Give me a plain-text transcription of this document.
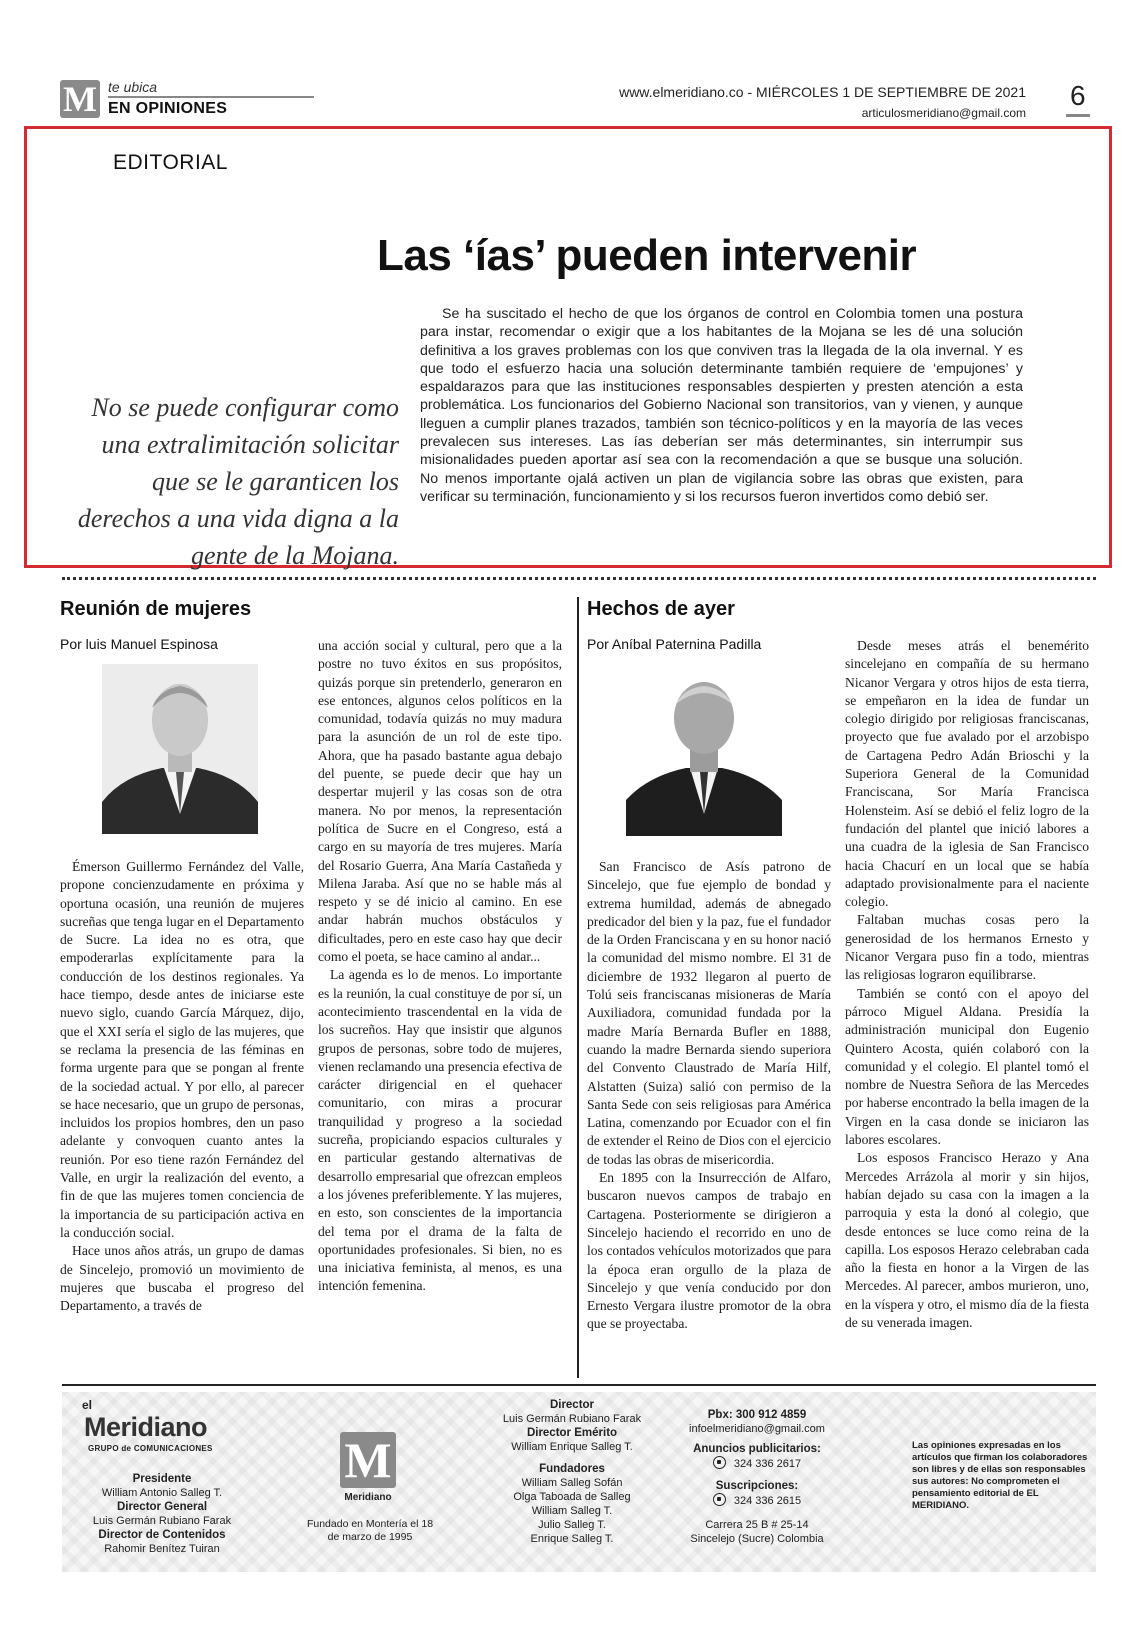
M te ubica
EN OPINIONES
www.elmeridiano.co - MIÉRCOLES 1 DE SEPTIEMBRE DE 2021
articulosmeridiano@gmail.com
6
EDITORIAL
Las ‘ías’ pueden intervenir
No se puede configurar como una extralimitación solicitar que se le garanticen los derechos a una vida digna a la gente de la Mojana.

Se ha suscitado el hecho de que los órganos de control en Colombia tomen una postura para instar, recomendar o exigir que a los habitantes de la Mojana se les dé una solución definitiva a los graves problemas con los que conviven tras la llegada de la ola invernal. Y es que todo el esfuerzo hacia una solución determinante también requiere de ‘empujones’ y espaldarazos para que las instituciones responsables despierten y presten atención a esta problemática. Los funcionarios del Gobierno Nacional son transitorios, van y vienen, y aunque lleguen a cumplir planes trazados, también son técnico-políticos y en la mayoría de las veces prevalecen sus intereses. Las ías deberían ser más determinantes, sin interrumpir sus misionalidades pueden aportar así sea con la recomendación a que se busque una solución. No menos importante ojalá activen un plan de vigilancia sobre las obras que existen, para verificar su terminación, funcionamiento y si los recursos fueron invertidos como debió ser.

Reunión de mujeres
Por luis Manuel Espinosa

Émerson Guillermo Fernández del Valle, propone concienzudamente en próxima y oportuna ocasión, una reunión de mujeres sucreñas que tenga lugar en el Departamento de Sucre. La idea no es otra, que empoderarlas explícitamente para la conducción de los destinos regionales. Ya hace tiempo, desde antes de iniciarse este nuevo siglo, cuando García Márquez, dijo, que el XXI sería el siglo de las mujeres, que se reclama la presencia de las féminas en forma urgente para que se pongan al frente de la sociedad actual. Y por ello, al parecer se hace necesario, que un grupo de personas, incluidos los propios hombres, den un paso adelante y convoquen cuanto antes la reunión. Por eso tiene razón Fernández del Valle, en urgir la realización del evento, a fin de que las mujeres tomen conciencia de la importancia de su participación activa en la conducción social.

Hace unos años atrás, un grupo de damas de Sincelejo, promovió un movimiento de mujeres que buscaba el progreso del Departamento, a través de

una acción social y cultural, pero que a la postre no tuvo éxitos en sus propósitos, quizás porque sin pretenderlo, generaron en ese entonces, algunos celos políticos en la comunidad, todavía quizás no muy madura para la asunción de un rol de este tipo. Ahora, que ha pasado bastante agua debajo del puente, se puede decir que hay un despertar mujeril y las cosas son de otra manera. No por menos, la representación política de Sucre en el Congreso, está a cargo en su mayoría de tres mujeres. María del Rosario Guerra, Ana María Castañeda y Milena Jaraba. Así que no se hable más al respeto y se dé inicio al camino. En ese andar habrán muchos obstáculos y dificultades, pero en este caso hay que decir como el poeta, se hace camino al andar...

La agenda es lo de menos. Lo importante es la reunión, la cual constituye de por sí, un acontecimiento trascendental en la vida de los sucreños. Hay que insistir que algunos grupos de personas, sobre todo de mujeres, vienen reclamando una presencia efectiva de carácter dirigencial en el quehacer comunitario, con miras a procurar tranquilidad y progreso a la sociedad sucreña, propiciando espacios culturales y en particular gestando alternativas de desarrollo empresarial que ofrezcan empleos a los jóvenes preferiblemente. Y las mujeres, en esto, son conscientes de la importancia del tema por el drama de la falta de oportunidades profesionales. Si bien, no es una iniciativa feminista, al menos, es una intención femenina.

Hechos de ayer
Por Aníbal Paternina Padilla

San Francisco de Asís patrono de Sincelejo, que fue ejemplo de bondad y extrema humildad, además de abnegado predicador del bien y la paz, fue el fundador de la Orden Franciscana y en su honor nació la comunidad del mismo nombre. El 31 de diciembre de 1932 llegaron al puerto de Tolú seis franciscanas misioneras de María Auxiliadora, comunidad fundada por la madre María Bernarda Bufler en 1888, cuando la madre Bernarda siendo superiora del Convento Claustrado de María Hilf, Alstatten (Suiza) salió con permiso de la Santa Sede con seis religiosas para América Latina, comenzando por Ecuador con el fin de extender el Reino de Dios con el ejercicio de todas las obras de misericordia.

En 1895 con la Insurrección de Alfaro, buscaron nuevos campos de trabajo en Cartagena. Posteriormente se dirigieron a Sincelejo haciendo el recorrido en uno de los contados vehículos motorizados que para la época eran orgullo de la plaza de Sincelejo y que venía conducido por don Ernesto Vergara ilustre promotor de la obra que se proyectaba.

Desde meses atrás el benemérito sincelejano en compañía de su hermano Nicanor Vergara y otros hijos de esta tierra, se empeñaron en la idea de fundar un colegio dirigido por religiosas franciscanas, proyecto que fue avalado por el arzobispo de Cartagena Pedro Adán Brioschi y la Superiora General de la Comunidad Franciscana, Sor María Francisca Holensteim. Así se debió el feliz logro de la fundación del plantel que inició labores a una cuadra de la iglesia de San Francisco hacia Chacurí en un local que se había adaptado provisionalmente para el naciente colegio.

Faltaban muchas cosas pero la generosidad de los hermanos Ernesto y Nicanor Vergara puso fin a todo, mientras las religiosas lograron equilibrarse.

También se contó con el apoyo del párroco Miguel Aldana. Presidía la administración municipal don Eugenio Quintero Acosta, quién colaboró con la comunidad y el colegio. El plantel tomó el nombre de Nuestra Señora de las Mercedes por haberse encontrado la bella imagen de la Virgen en la casa donde se iniciaron las labores escolares.

Los esposos Francisco Herazo y Ana Mercedes Arrázola al morir y sin hijos, habían dejado su casa con la imagen a la parroquia y esta la donó al colegio, que desde entonces se luce como reina de la capilla. Los esposos Herazo celebraban cada año la fiesta en honor a la Virgen de las Mercedes. Al parecer, ambos murieron, uno, en la víspera y otro, el mismo día de la fiesta de su venerada imagen.

el
Meridiano
GRUPO de COMUNICACIONES
Presidente
William Antonio Salleg T.
Director General
Luis Germán Rubiano Farak
Director de Contenidos
Rahomir Benítez Tuiran
M
Meridiano
Fundado en Montería el 18 de marzo de 1995
Director
Luis Germán Rubiano Farak
Director Emérito
William Enrique Salleg T.
Fundadores
William Salleg Sofán
Olga Taboada de Salleg
William Salleg T.
Julio Salleg T.
Enrique Salleg T.
Pbx: 300 912 4859
infoelmeridiano@gmail.com
Anuncios publicitarios:
324 336 2617
Suscripciones:
324 336 2615
Carrera 25 B # 25-14
Sincelejo (Sucre) Colombia
Las opiniones expresadas en los artículos que firman los colaboradores son libres y de ellas son responsables sus autores: No comprometen el pensamiento editorial de EL MERIDIANO.
